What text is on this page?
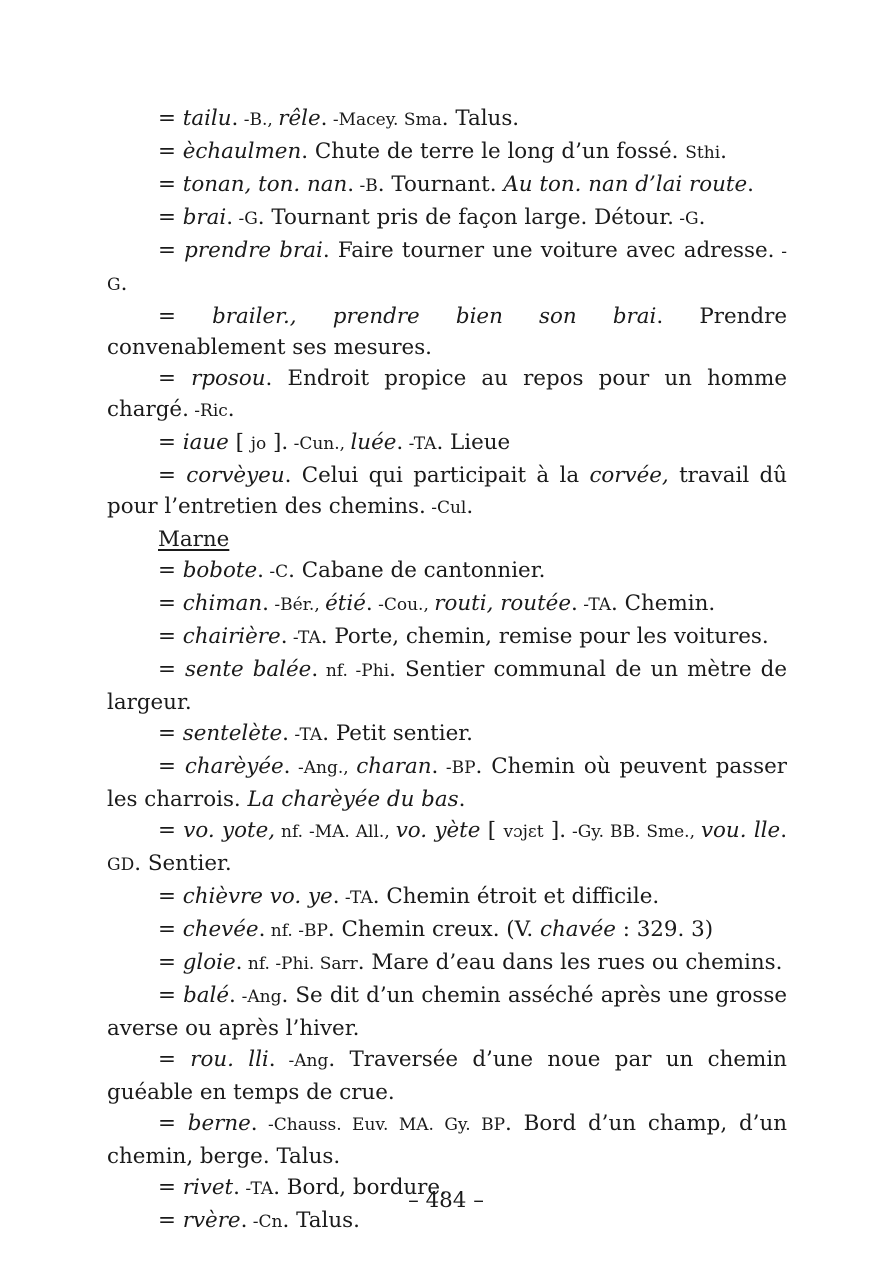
= tailu. -B., rêle. -Macey. Sma. Talus.

= èchaulmen. Chute de terre le long d’un fossé. Sthi.

= tonan, ton. nan. -B. Tournant. Au ton. nan d’lai route.

= brai. -G. Tournant pris de façon large. Détour. -G.

= prendre brai. Faire tourner une voiture avec adresse. -G.

= brailer., prendre bien son brai. Prendre convenablement ses mesures.

= rposou. Endroit propice au repos pour un homme chargé. -Ric.

= iaue [ jo ]. -Cun., luée. -TA. Lieue

= corvèyeu. Celui qui participait à la corvée, travail dû pour l’entretien des chemins. -Cul.

Marne

= bobote. -C. Cabane de cantonnier.

= chiman. -Bér., étié. -Cou., routi, routée. -TA. Chemin.

= chairière. -TA. Porte, chemin, remise pour les voitures.

= sente balée. nf. -Phi. Sentier communal de un mètre de largeur.

= sentelète. -TA. Petit sentier.

= charèyée. -Ang., charan. -BP. Chemin où peuvent passer les charrois. La charèyée du bas.

= vo. yote, nf. -MA. All., vo. yète [ vɔjɛt ]. -Gy. BB. Sme., vou. lle. GD. Sentier.

= chièvre vo. ye. -TA. Chemin étroit et difficile.

= chevée. nf. -BP. Chemin creux. (V. chavée : 329. 3)

= gloie. nf. -Phi. Sarr. Mare d’eau dans les rues ou chemins.

= balé. -Ang. Se dit d’un chemin asséché après une grosse averse ou après l’hiver.

= rou. lli. -Ang. Traversée d’une noue par un chemin guéable en temps de crue.

= berne. -Chauss. Euv. MA. Gy. BP. Bord d’un champ, d’un chemin, berge. Talus.

= rivet. -TA. Bord, bordure.

= rvère. -Cn. Talus.

– 484 –
